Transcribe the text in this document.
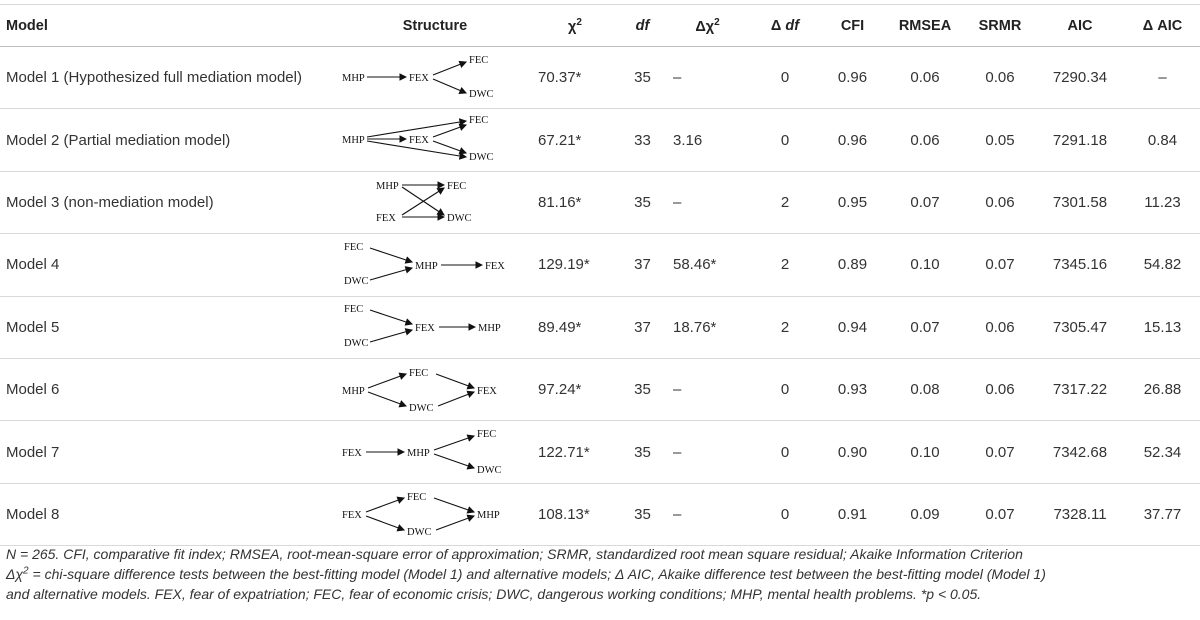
Model	Structure	$\chi^2$	df	$\Delta\chi^2$	Δ df	CFI	RMSEA	SRMR	AIC	Δ AIC
Model 1 (Hypothesized full mediation model)	MHP FEX
FEC
DWC	70.37*	35	–	0	0.96	0.06	0.06	7290.34	–
Model 2 (Partial mediation model)	MHP FEX
FEC
DWC	67.21*	33	3.16	0	0.96	0.06	0.05	7291.18	0.84
Model 3 (non-mediation model)	MHP
FEX
FEC
DWC	81.16*	35	–	2	0.95	0.07	0.06	7301.58	11.23
Model 4	FEC
DWC
MHP FEX	129.19*	37	58.46*	2	0.89	0.10	0.07	7345.16	54.82
Model 5	FEC
DWC
FEX MHP	89.49*	37	18.76*	2	0.94	0.07	0.06	7305.47	15.13
Model 6	MHP
FEC
DWC
FEX	97.24*	35	–	0	0.93	0.08	0.06	7317.22	26.88
Model 7	FEX MHP
FEC
DWC	122.71*	35	–	0	0.90	0.10	0.07	7342.68	52.34
Model 8	FEX
FEC
DWC
MHP	108.13*	35	–	0	0.91	0.09	0.07	7328.11	37.77
N = 265. CFI, comparative fit index; RMSEA, root-mean-square error of approximation; SRMR, standardized root mean square residual; Akaike Information Criterion
$\Delta\chi^2$ = chi-square difference tests between the best-fitting model (Model 1) and alternative models; Δ AIC, Akaike difference test between the best-fitting model (Model 1)
and alternative models. FEX, fear of expatriation; FEC, fear of economic crisis; DWC, dangerous working conditions; MHP, mental health problems. *p < 0.05.
